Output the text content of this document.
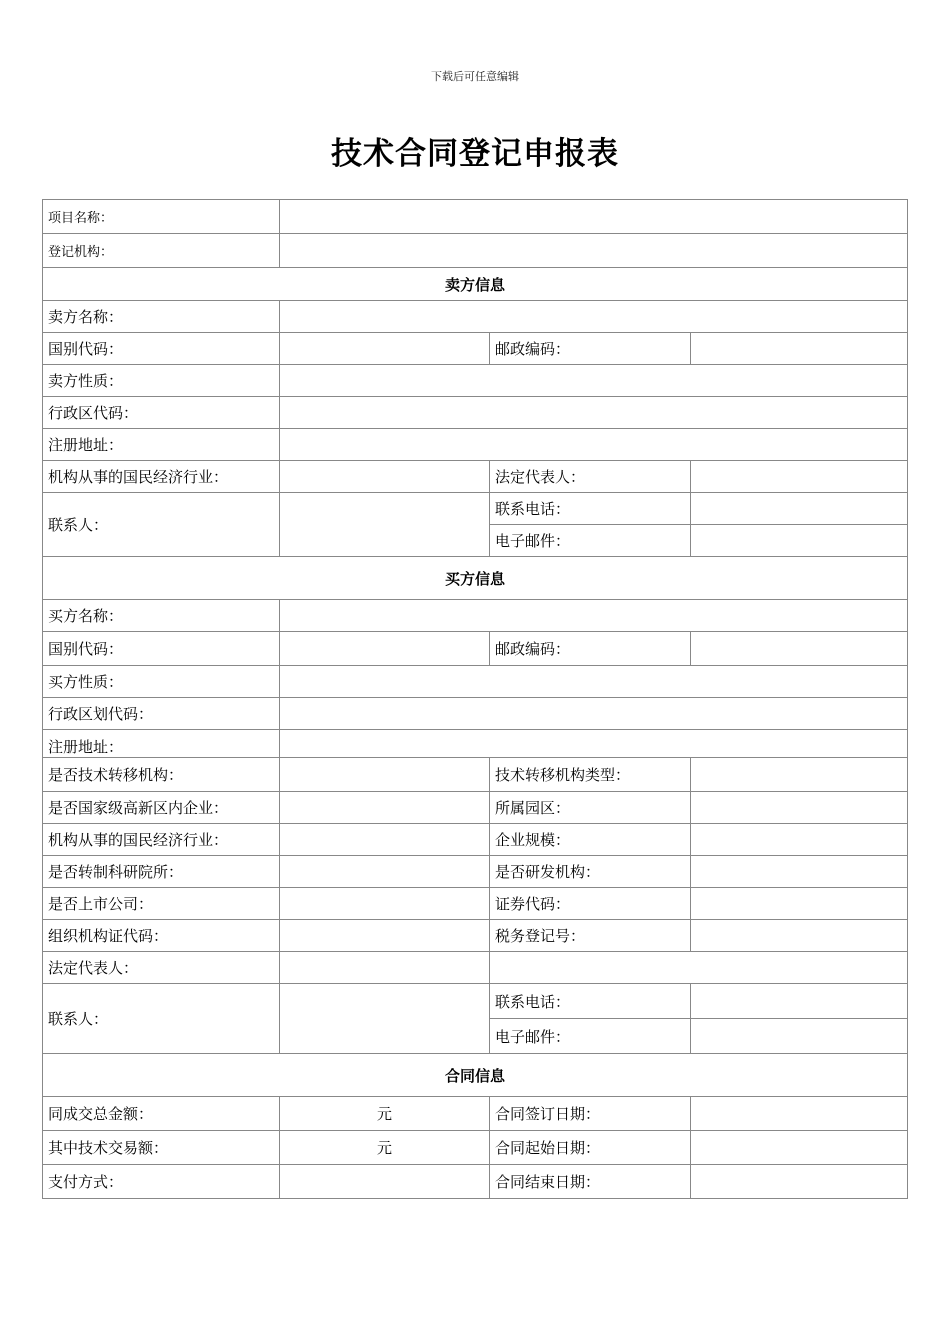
下载后可任意编辑
技术合同登记申报表
项目名称：			
登记机构：			
卖方信息			
卖方名称：			
国别代码：		邮政编码：	
卖方性质：			
行政区代码：			
注册地址：			
机构从事的国民经济行业：		法定代表人：	
联系人：		联系电话：	
		电子邮件：	
买方信息			
买方名称：			
国别代码：		邮政编码：	
买方性质：			
行政区划代码：			
注册地址：			
是否技术转移机构：		技术转移机构类型：	
是否国家级高新区内企业：		所属园区：	
机构从事的国民经济行业：		企业规模：	
是否转制科研院所：		是否研发机构：	
是否上市公司：		证券代码：	
组织机构证代码：		税务登记号：	
法定代表人：			
联系人：		联系电话：	
		电子邮件：	
合同信息			
同成交总金额：	元	合同签订日期：	
其中技术交易额：	元	合同起始日期：	
支付方式：		合同结束日期：	
